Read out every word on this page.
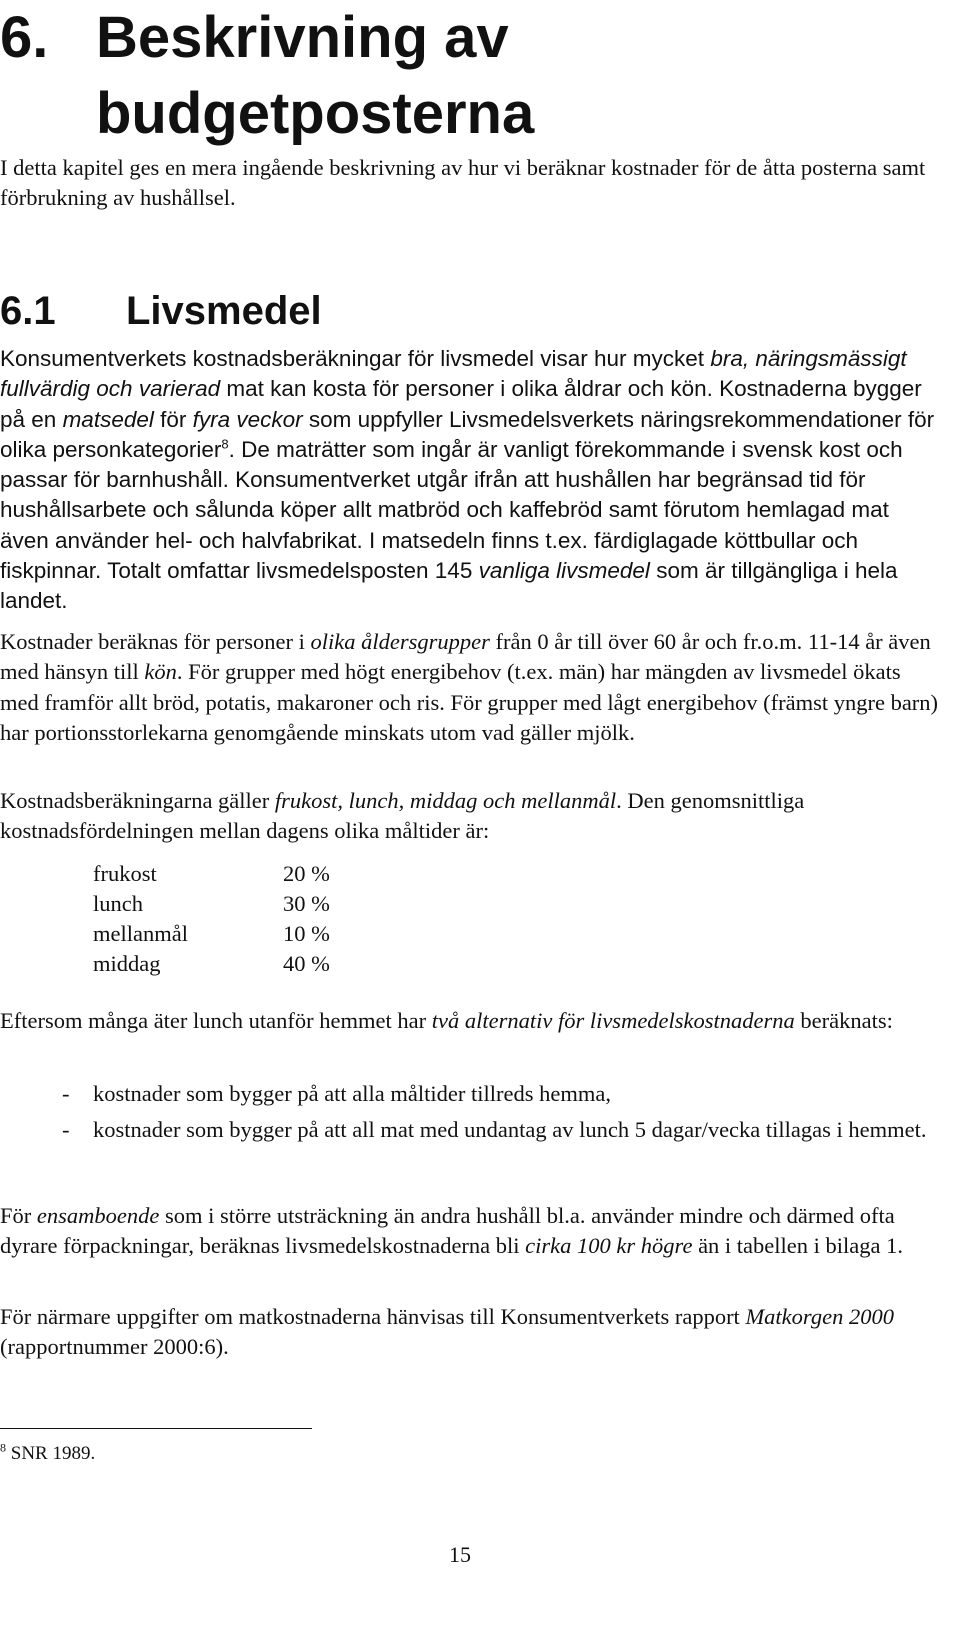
6. Beskrivning av budgetposterna

I detta kapitel ges en mera ingående beskrivning av hur vi beräknar kostnader för de åtta posterna samt förbrukning av hushållsel.

6.1 Livsmedel

Konsumentverkets kostnadsberäkningar för livsmedel visar hur mycket bra, näringsmässigt fullvärdig och varierad mat kan kosta för personer i olika åldrar och kön. Kostnaderna bygger på en matsedel för fyra veckor som uppfyller Livsmedelsverkets näringsrekommendationer för olika personkategorier$^8$. De maträtter som ingår är vanligt förekommande i svensk kost och passar för barnhushåll. Konsumentverket utgår ifrån att hushållen har begränsad tid för hushållsarbete och sålunda köper allt matbröd och kaffebröd samt förutom hemlagad mat även använder hel- och halvfabrikat. I matsedeln finns t.ex. färdiglagade köttbullar och fiskpinnar. Totalt omfattar livsmedelsposten 145 vanliga livsmedel som är tillgängliga i hela landet.

Kostnader beräknas för personer i olika åldersgrupper från 0 år till över 60 år och fr.o.m. 11-14 år även med hänsyn till kön. För grupper med högt energibehov (t.ex. män) har mängden av livsmedel ökats med framför allt bröd, potatis, makaroner och ris. För grupper med lågt energibehov (främst yngre barn) har portionsstorlekarna genomgående minskats utom vad gäller mjölk.

Kostnadsberäkningarna gäller frukost, lunch, middag och mellanmål. Den genomsnittliga kostnadsfördelningen mellan dagens olika måltider är:

frukost	20 %
lunch	30 %
mellanmål	10 %
middag	40 %

Eftersom många äter lunch utanför hemmet har två alternativ för livsmedelskostnaderna beräknats:

- kostnader som bygger på att alla måltider tillreds hemma,
- kostnader som bygger på att all mat med undantag av lunch 5 dagar/vecka tillagas i hemmet.

För ensamboende som i större utsträckning än andra hushåll bl.a. använder mindre och därmed ofta dyrare förpackningar, beräknas livsmedelskostnaderna bli cirka 100 kr högre än i tabellen i bilaga 1.

För närmare uppgifter om matkostnaderna hänvisas till Konsumentverkets rapport Matkorgen 2000 (rapportnummer 2000:6).

$^8$ SNR 1989.
15
